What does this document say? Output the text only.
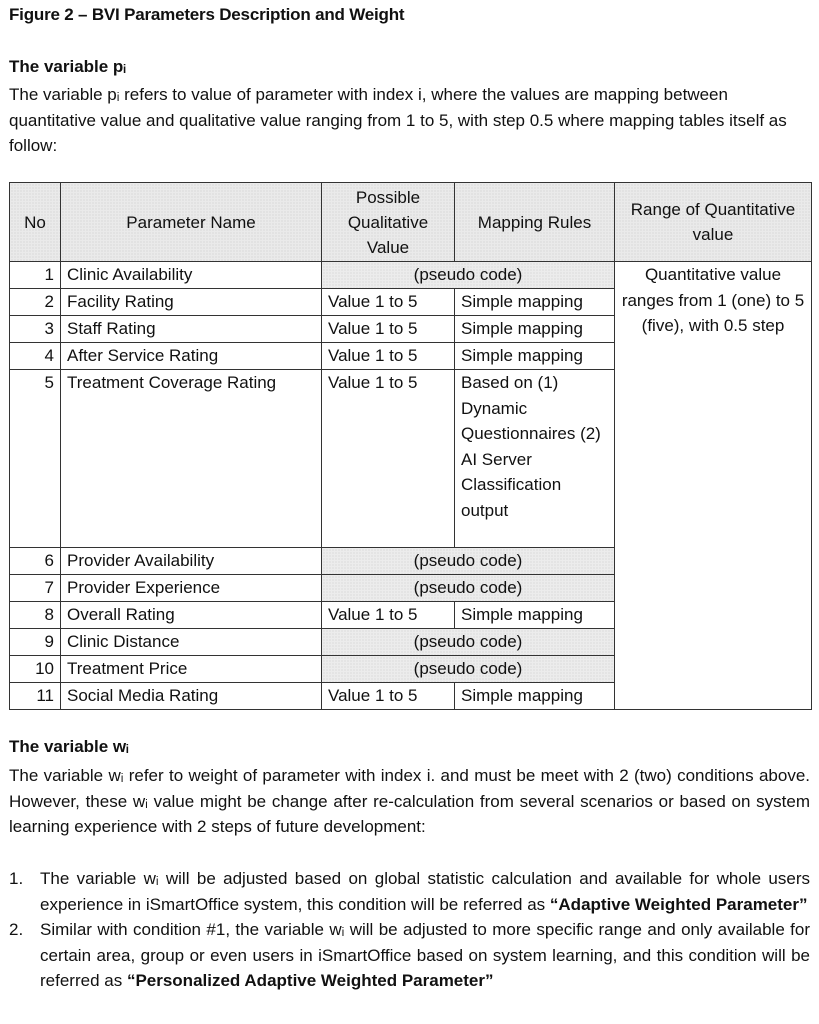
Figure 2 – BVI Parameters Description and Weight
The variable pᵢ
The variable pᵢ refers to value of parameter with index i, where the values are mapping between quantitative value and qualitative value ranging from 1 to 5, with step 0.5 where mapping tables itself as follow:
No	Parameter Name	Possible Qualitative Value	Mapping Rules	Range of Quantitative value
1	Clinic Availability	(pseudo code)		Quantitative value ranges from 1 (one) to 5 (five), with 0.5 step
2	Facility Rating	Value 1 to 5	Simple mapping	
3	Staff Rating	Value 1 to 5	Simple mapping	
4	After Service Rating	Value 1 to 5	Simple mapping	
5	Treatment Coverage Rating	Value 1 to 5	Based on (1) Dynamic Questionnaires (2) AI Server Classification output	
6	Provider Availability	(pseudo code)		
7	Provider Experience	(pseudo code)		
8	Overall Rating	Value 1 to 5	Simple mapping	
9	Clinic Distance	(pseudo code)		
10	Treatment Price	(pseudo code)		
11	Social Media Rating	Value 1 to 5	Simple mapping	
The variable wᵢ
The variable wᵢ refer to weight of parameter with index i. and must be meet with 2 (two) conditions above. However, these wᵢ value might be change after re-calculation from several scenarios or based on system learning experience with 2 steps of future development:
1. The variable wᵢ will be adjusted based on global statistic calculation and available for whole users experience in iSmartOffice system, this condition will be referred as “Adaptive Weighted Parameter”
2. Similar with condition #1, the variable wᵢ will be adjusted to more specific range and only available for certain area, group or even users in iSmartOffice based on system learning, and this condition will be referred as “Personalized Adaptive Weighted Parameter”
